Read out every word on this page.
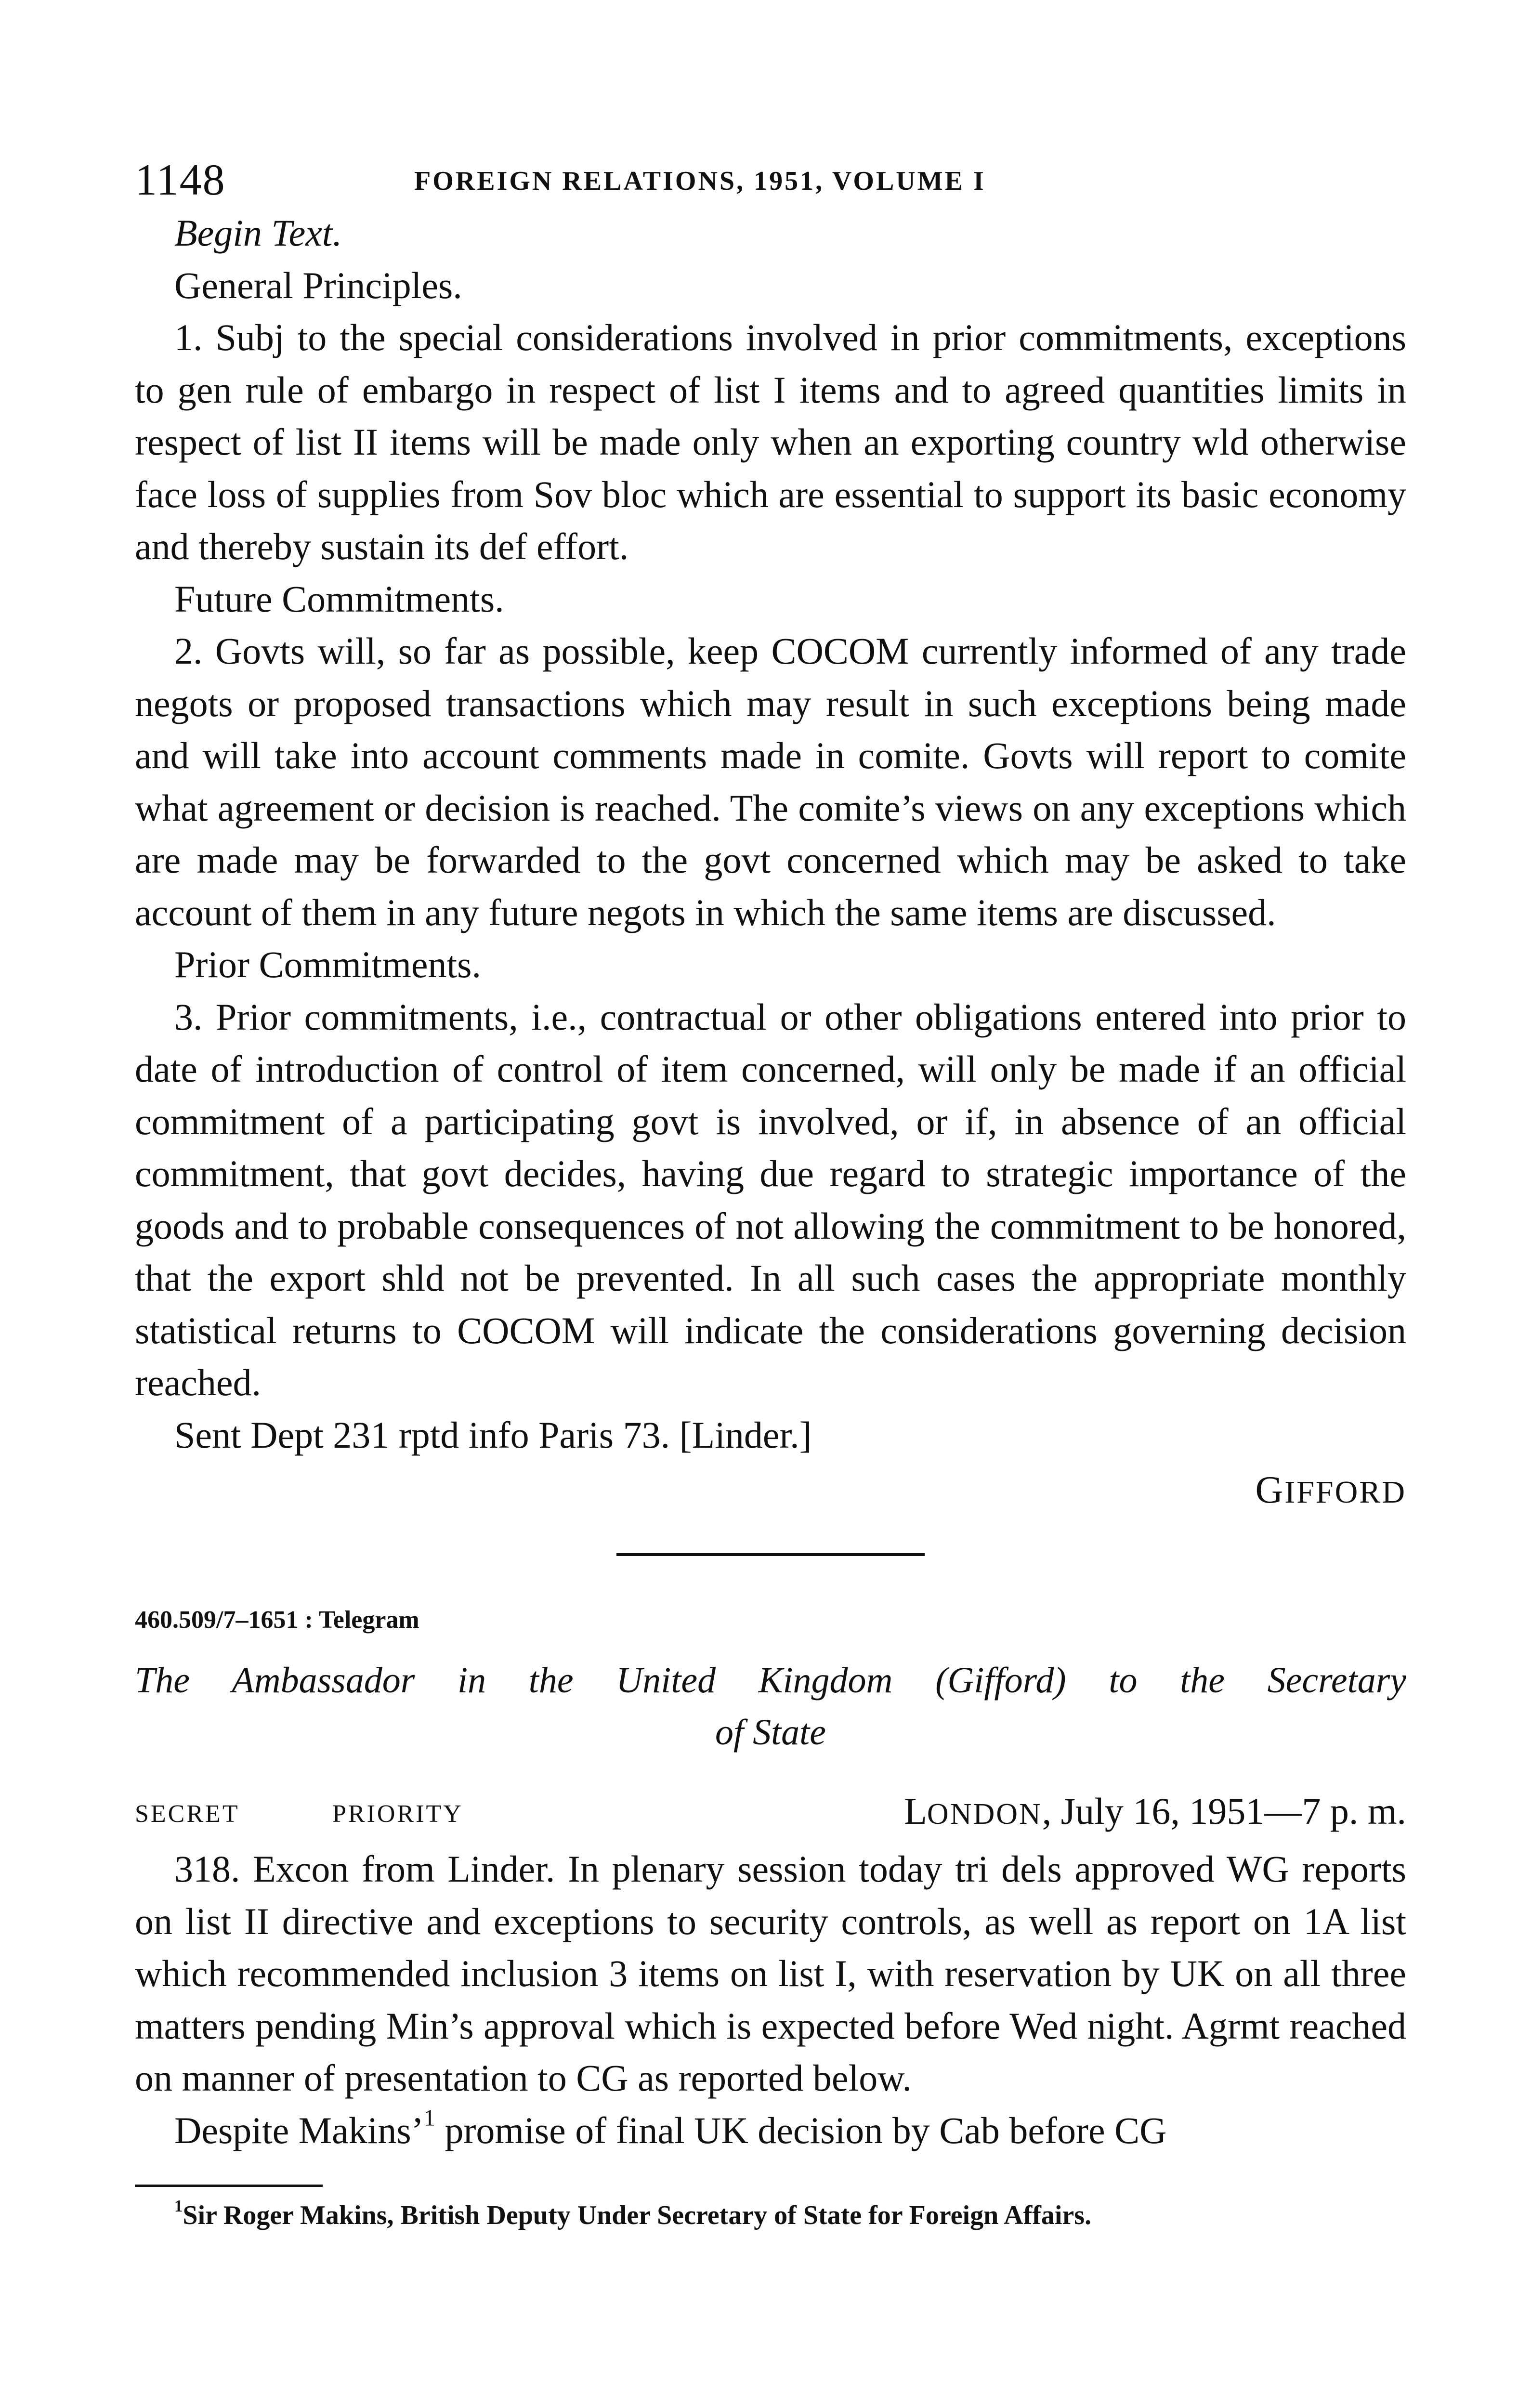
1148	FOREIGN RELATIONS, 1951, VOLUME I

Begin Text.

General Principles.

1. Subj to the special considerations involved in prior commitments, exceptions to gen rule of embargo in respect of list I items and to agreed quantities limits in respect of list II items will be made only when an exporting country wld otherwise face loss of supplies from Sov bloc which are essential to support its basic economy and thereby sustain its def effort.

Future Commitments.

2. Govts will, so far as possible, keep COCOM currently informed of any trade negots or proposed transactions which may result in such exceptions being made and will take into account comments made in comite. Govts will report to comite what agreement or decision is reached. The comite’s views on any exceptions which are made may be forwarded to the govt concerned which may be asked to take account of them in any future negots in which the same items are discussed.

Prior Commitments.

3. Prior commitments, i.e., contractual or other obligations entered into prior to date of introduction of control of item concerned, will only be made if an official commitment of a participating govt is involved, or if, in absence of an official commitment, that govt decides, having due regard to strategic importance of the goods and to probable consequences of not allowing the commitment to be honored, that the export shld not be prevented. In all such cases the appropriate monthly statistical returns to COCOM will indicate the considerations governing decision reached.

Sent Dept 231 rptd info Paris 73. [Linder.]

GIFFORD
460.509/7–1651 : Telegram
The Ambassador in the United Kingdom (Gifford) to the Secretary
of State
SECRET	PRIORITY	LONDON, July 16, 1951—7 p. m.

318. Excon from Linder. In plenary session today tri dels approved WG reports on list II directive and exceptions to security controls, as well as report on 1A list which recommended inclusion 3 items on list I, with reservation by UK on all three matters pending Min’s approval which is expected before Wed night. Agrmt reached on manner of presentation to CG as reported below.

Despite Makins’$^1$ promise of final UK decision by Cab before CG

$^1$Sir Roger Makins, British Deputy Under Secretary of State for Foreign Affairs.
